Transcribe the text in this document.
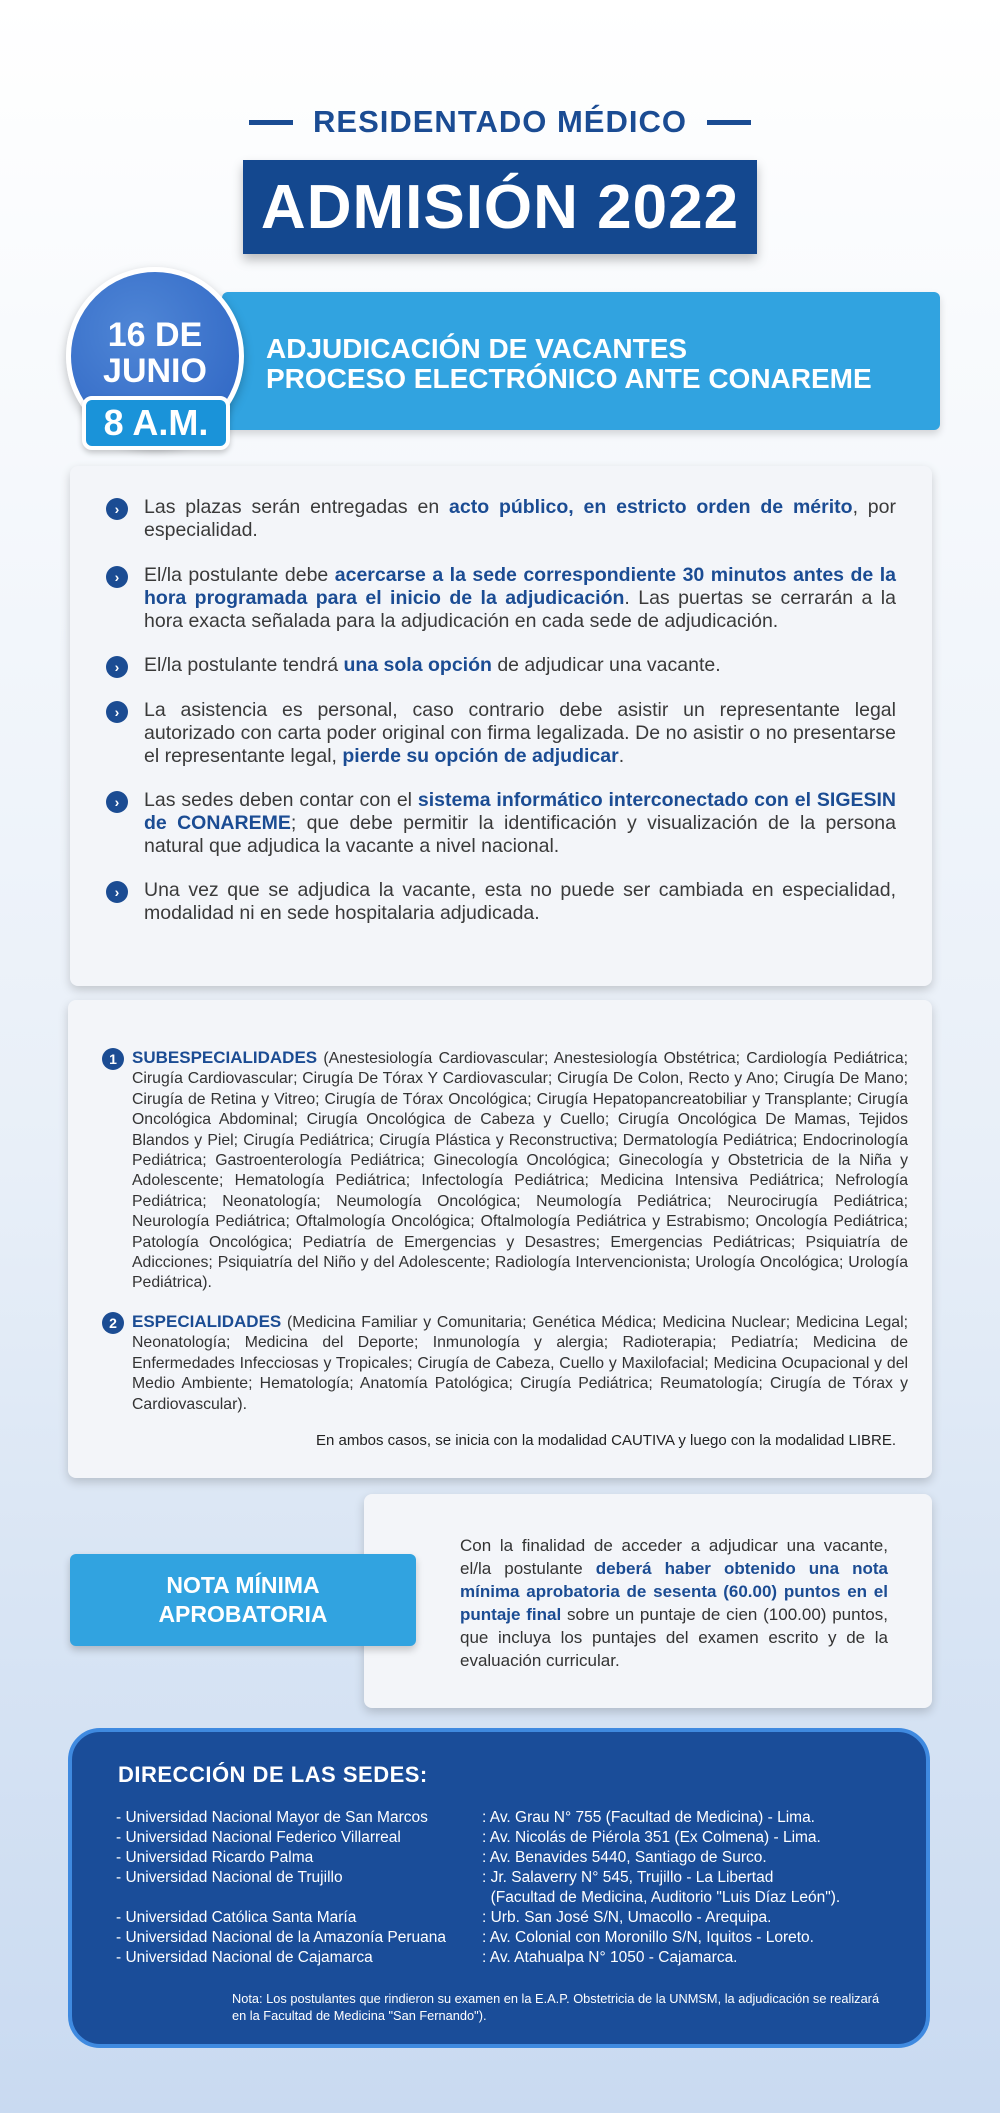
RESIDENTADO MÉDICO
ADMISIÓN 2022
ADJUDICACIÓN DE VACANTES
PROCESO ELECTRÓNICO ANTE CONAREME
16 DE
JUNIO
8 A.M.
›	Las plazas serán entregadas en acto público, en estricto orden de mérito, por especialidad.

›	El/la postulante debe acercarse a la sede correspondiente 30 minutos antes de la hora programada para el inicio de la adjudicación. Las puertas se cerrarán a la hora exacta señalada para la adjudicación en cada sede de adjudicación.

›	El/la postulante tendrá una sola opción de adjudicar una vacante.

›	La asistencia es personal, caso contrario debe asistir un representante legal autorizado con carta poder original con firma legalizada. De no asistir o no presentarse el representante legal, pierde su opción de adjudicar.

›	Las sedes deben contar con el sistema informático interconectado con el SIGESIN de CONAREME; que debe permitir la identificación y visualización de la persona natural que adjudica la vacante a nivel nacional.

›	Una vez que se adjudica la vacante, esta no puede ser cambiada en especialidad, modalidad ni en sede hospitalaria adjudicada.

1 SUBESPECIALIDADES (Anestesiología Cardiovascular; Anestesiología Obstétrica; Cardiología Pediátrica; Cirugía Cardiovascular; Cirugía De Tórax Y Cardiovascular; Cirugía De Colon, Recto y Ano; Cirugía De Mano; Cirugía de Retina y Vitreo; Cirugía de Tórax Oncológica; Cirugía Hepatopancreatobiliar y Transplante; Cirugía Oncológica Abdominal; Cirugía Oncológica de Cabeza y Cuello; Cirugía Oncológica De Mamas, Tejidos Blandos y Piel; Cirugía Pediátrica; Cirugía Plástica y Reconstructiva; Dermatología Pediátrica; Endocrinología Pediátrica; Gastroenterología Pediátrica; Ginecología Oncológica; Ginecología y Obstetricia de la Niña y Adolescente; Hematología Pediátrica; Infectología Pediátrica; Medicina Intensiva Pediátrica; Nefrología Pediátrica; Neonatología; Neumología Oncológica; Neumología Pediátrica; Neurocirugía Pediátrica; Neurología Pediátrica; Oftalmología Oncológica; Oftalmología Pediátrica y Estrabismo; Oncología Pediátrica; Patología Oncológica; Pediatría de Emergencias y Desastres; Emergencias Pediátricas; Psiquiatría de Adicciones; Psiquiatría del Niño y del Adolescente; Radiología Intervencionista; Urología Oncológica; Urología Pediátrica).

2 ESPECIALIDADES (Medicina Familiar y Comunitaria; Genética Médica; Medicina Nuclear; Medicina Legal; Neonatología; Medicina del Deporte; Inmunología y alergia; Radioterapia; Pediatría; Medicina de Enfermedades Infecciosas y Tropicales; Cirugía de Cabeza, Cuello y Maxilofacial; Medicina Ocupacional y del Medio Ambiente; Hematología; Anatomía Patológica; Cirugía Pediátrica; Reumatología; Cirugía de Tórax y Cardiovascular).

En ambos casos, se inicia con la modalidad CAUTIVA y luego con la modalidad LIBRE.

Con la finalidad de acceder a adjudicar una vacante, el/la postulante deberá haber obtenido una nota mínima aprobatoria de sesenta (60.00) puntos en el puntaje final sobre un puntaje de cien (100.00) puntos, que incluya los puntajes del examen escrito y de la evaluación curricular.

NOTA MÍNIMA
APROBATORIA
DIRECCIÓN DE LAS SEDES:
- Universidad Nacional Mayor de San Marcos	: Av. Grau N° 755 (Facultad de Medicina) - Lima.
- Universidad Nacional Federico Villarreal	: Av. Nicolás de Piérola 351 (Ex Colmena) - Lima.
- Universidad Ricardo Palma	: Av. Benavides 5440, Santiago de Surco.
- Universidad Nacional de Trujillo	: Jr. Salaverry N° 545, Trujillo - La Libertad
	(Facultad de Medicina, Auditorio "Luis Díaz León").
- Universidad Católica Santa María	: Urb. San José S/N, Umacollo - Arequipa.
- Universidad Nacional de la Amazonía Peruana	: Av. Colonial con Moronillo S/N, Iquitos - Loreto.
- Universidad Nacional de Cajamarca	: Av. Atahualpa N° 1050 - Cajamarca.
Nota: Los postulantes que rindieron su examen en la E.A.P. Obstetricia de la UNMSM, la adjudicación se realizará en la Facultad de Medicina "San Fernando").
